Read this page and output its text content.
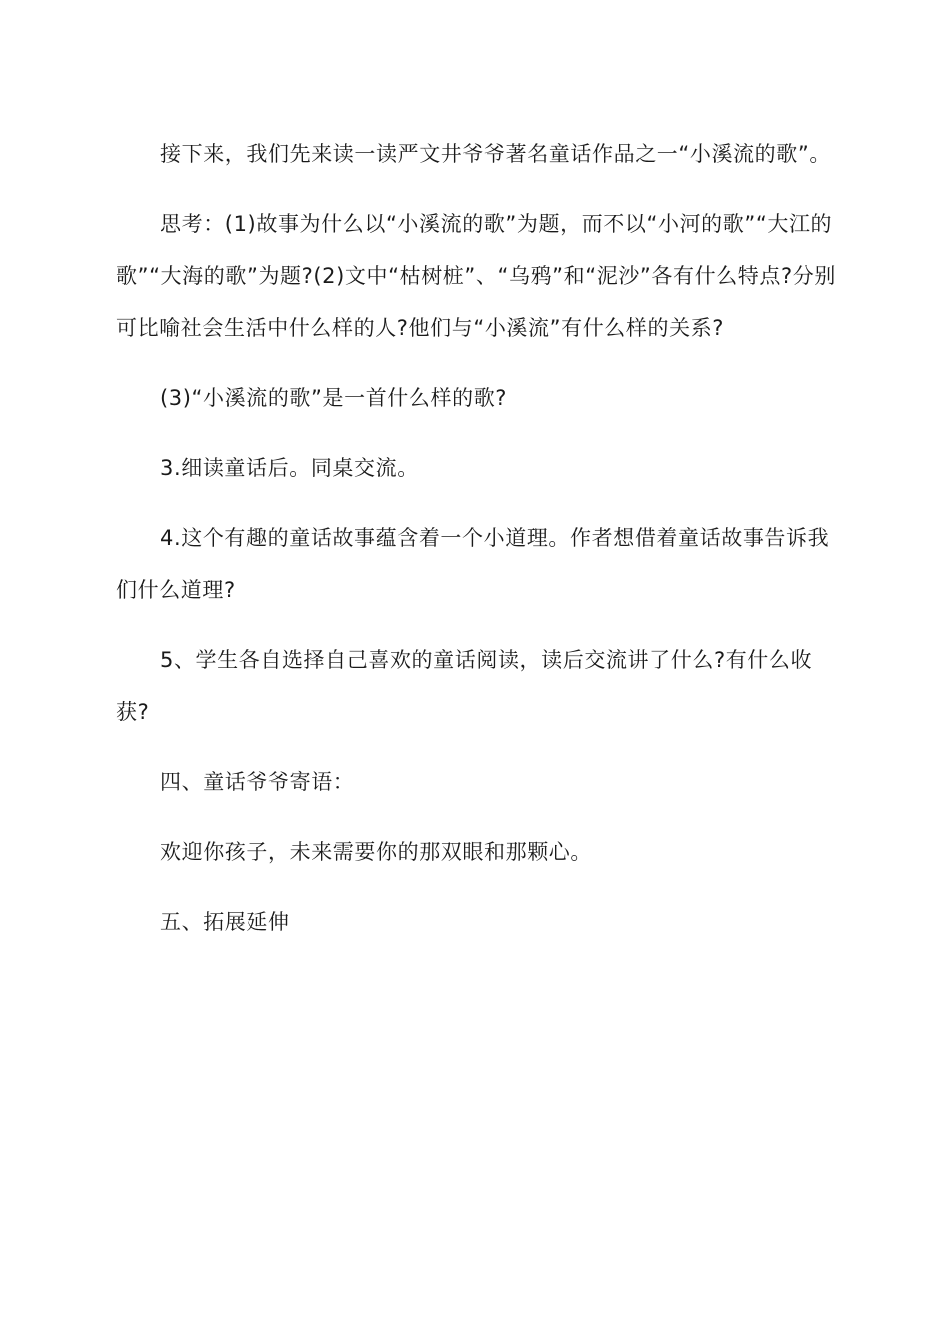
接下来，我们先来读一读严文井爷爷著名童话作品之一“小溪流的歌”。

思考：(1)故事为什么以“小溪流的歌”为题，而不以“小河的歌”“大江的歌”“大海的歌”为题?(2)文中“枯树桩”、“乌鸦”和“泥沙”各有什么特点?分别可比喻社会生活中什么样的人?他们与“小溪流”有什么样的关系?

(3)“小溪流的歌”是一首什么样的歌?

3.细读童话后。同桌交流。

4.这个有趣的童话故事蕴含着一个小道理。作者想借着童话故事告诉我们什么道理?

5、学生各自选择自己喜欢的童话阅读，读后交流讲了什么?有什么收获?

四、童话爷爷寄语：

欢迎你孩子，未来需要你的那双眼和那颗心。

五、拓展延伸
